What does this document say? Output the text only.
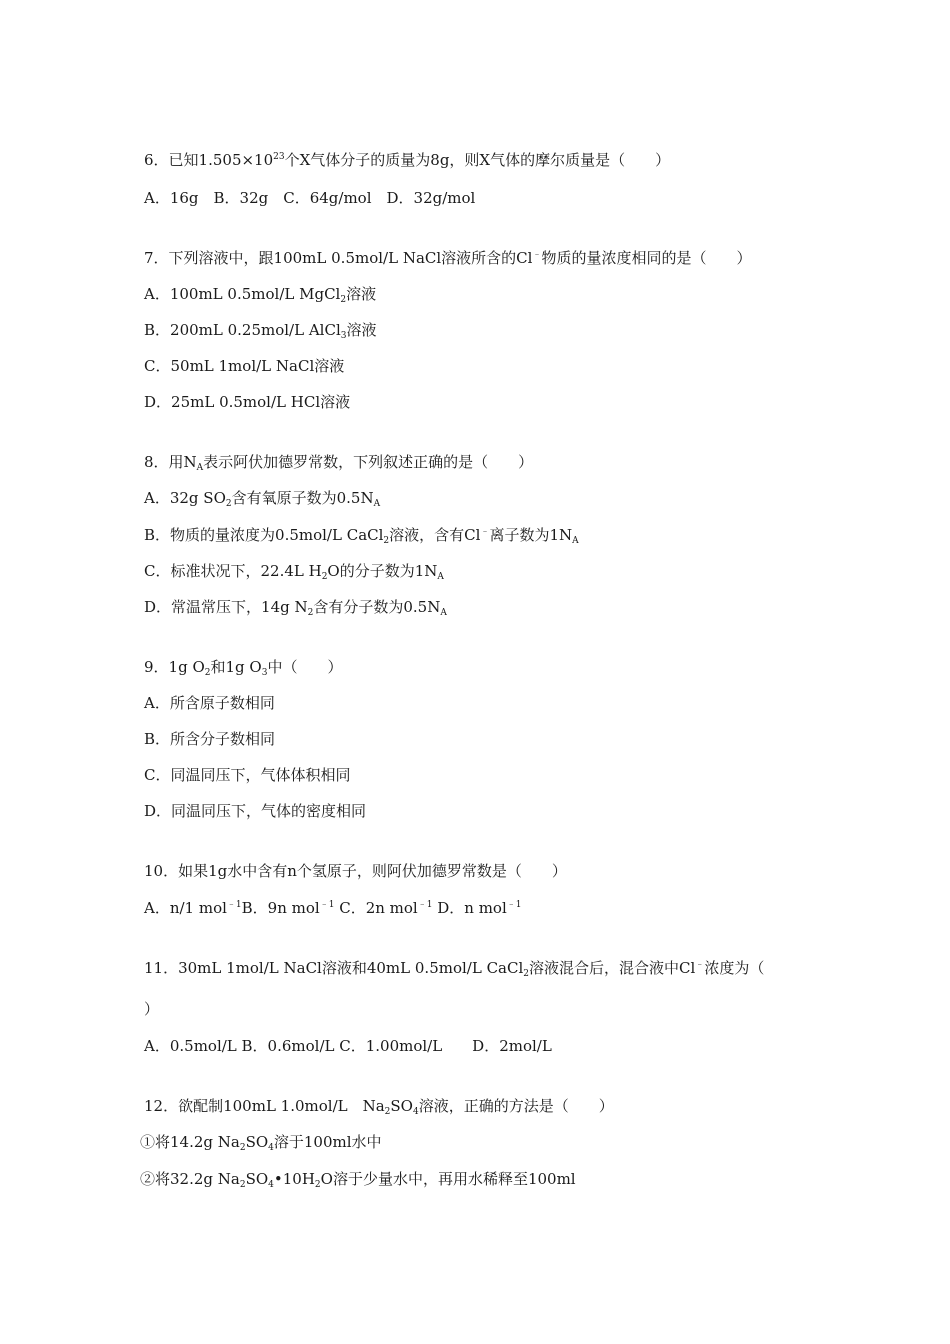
6．已知$1.505\times 10^{23}$个X气体分子的质量为8g，则X气体的摩尔质量是（　　）
A．16g　B．32g　C．64g/mol　D．32g/mol
7．下列溶液中，跟100mL 0.5mol/L NaCl溶液所含的Cl﹣物质的量浓度相同的是（　　）
A．100mL 0.5mol/L MgCl$_2$溶液
B．200mL 0.25mol/L AlCl$_3$溶液
C．50mL 1mol/L NaCl溶液
D．25mL 0.5mol/L HCl溶液
8．用$N_A$表示阿伏加德罗常数，下列叙述正确的是（　　）
A．32g $SO_2$含有氧原子数为$0.5N_A$
B．物质的量浓度为0.5mol/L CaCl$_2$溶液，含有Cl﹣离子数为$1N_A$
C．标准状况下，22.4L $H_2O$的分子数为$1N_A$
D．常温常压下，14g $N_2$含有分子数为$0.5N_A$
9．1g $O_2$和1g $O_3$中（　　）
A．所含原子数相同
B．所含分子数相同
C．同温同压下，气体体积相同
D．同温同压下，气体的密度相同
10．如果1g水中含有n个氢原子，则阿伏加德罗常数是（　　）
A．n/1 mol$^{﹣1}$B．9n mol$^{﹣1}$ C．2n mol$^{﹣1}$ D．n mol$^{﹣1}$
11．30mL 1mol/L NaCl溶液和40mL 0.5mol/L CaCl$_2$溶液混合后，混合液中Cl﹣浓度为（
）
A．0.5mol/L B．0.6mol/L C．1.00mol/L　　D．2mol/L
12．欲配制100mL 1.0mol/L　$Na_2SO_4$溶液，正确的方法是（　　）
①将14.2g $Na_2SO_4$溶于100ml水中
②将32.2g $Na_2SO_4•10H_2O$溶于少量水中，再用水稀释至100ml
